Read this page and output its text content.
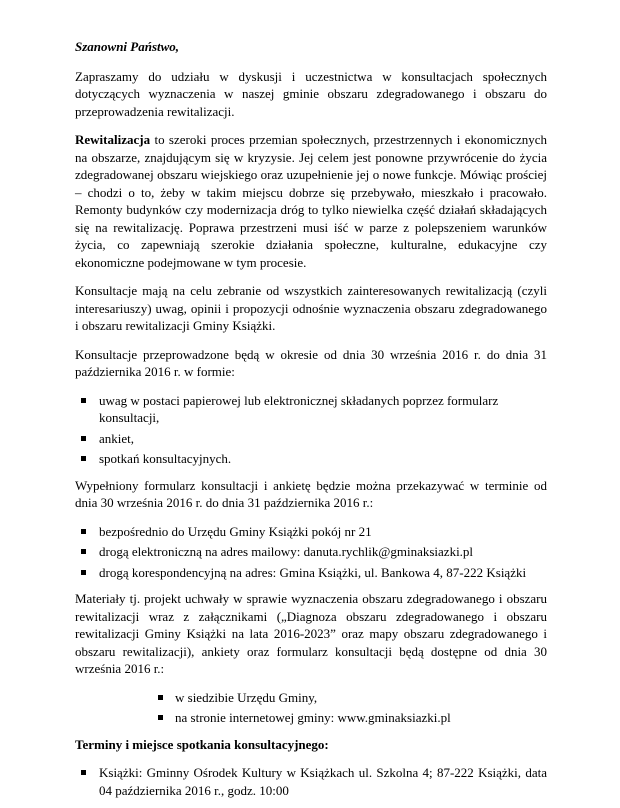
Szanowni Państwo,

Zapraszamy do udziału w dyskusji i uczestnictwa w konsultacjach społecznych dotyczących wyznaczenia w naszej gminie obszaru zdegradowanego i obszaru do przeprowadzenia rewitalizacji.

Rewitalizacja to szeroki proces przemian społecznych, przestrzennych i ekonomicznych na obszarze, znajdującym się w kryzysie. Jej celem jest ponowne przywrócenie do życia zdegradowanej obszaru wiejskiego oraz uzupełnienie jej o nowe funkcje. Mówiąc prościej – chodzi o to, żeby w takim miejscu dobrze się przebywało, mieszkało i pracowało. Remonty budynków czy modernizacja dróg to tylko niewielka część działań składających się na rewitalizację. Poprawa przestrzeni musi iść w parze z polepszeniem warunków życia, co zapewniają szerokie działania społeczne, kulturalne, edukacyjne czy ekonomiczne podejmowane w tym procesie.

Konsultacje mają na celu zebranie od wszystkich zainteresowanych rewitalizacją (czyli interesariuszy) uwag, opinii i propozycji odnośnie wyznaczenia obszaru zdegradowanego i obszaru rewitalizacji Gminy Książki.

Konsultacje przeprowadzone będą w okresie od dnia 30 września 2016 r. do dnia 31 października 2016 r. w formie:

uwag w postaci papierowej lub elektronicznej składanych poprzez formularz konsultacji,
ankiet,
spotkań konsultacyjnych.

Wypełniony formularz konsultacji i ankietę będzie można przekazywać w terminie od dnia 30 września 2016 r. do dnia 31 października 2016 r.:

bezpośrednio do Urzędu Gminy Książki pokój nr 21
drogą elektroniczną na adres mailowy: danuta.rychlik@gminaksiazki.pl
drogą korespondencyjną na adres: Gmina Książki, ul. Bankowa 4, 87-222 Książki

Materiały tj. projekt uchwały w sprawie wyznaczenia obszaru zdegradowanego i obszaru rewitalizacji wraz z załącznikami („Diagnoza obszaru zdegradowanego i obszaru rewitalizacji Gminy Książki na lata 2016-2023” oraz mapy obszaru zdegradowanego i obszaru rewitalizacji), ankiety oraz formularz konsultacji będą dostępne od dnia 30 września 2016 r.:

w siedzibie Urzędu Gminy,
na stronie internetowej gminy: www.gminaksiazki.pl

Terminy i miejsce spotkania konsultacyjnego:

Książki: Gminny Ośrodek Kultury w Książkach ul. Szkolna 4; 87-222 Książki, data 04 października 2016 r., godz. 10:00
